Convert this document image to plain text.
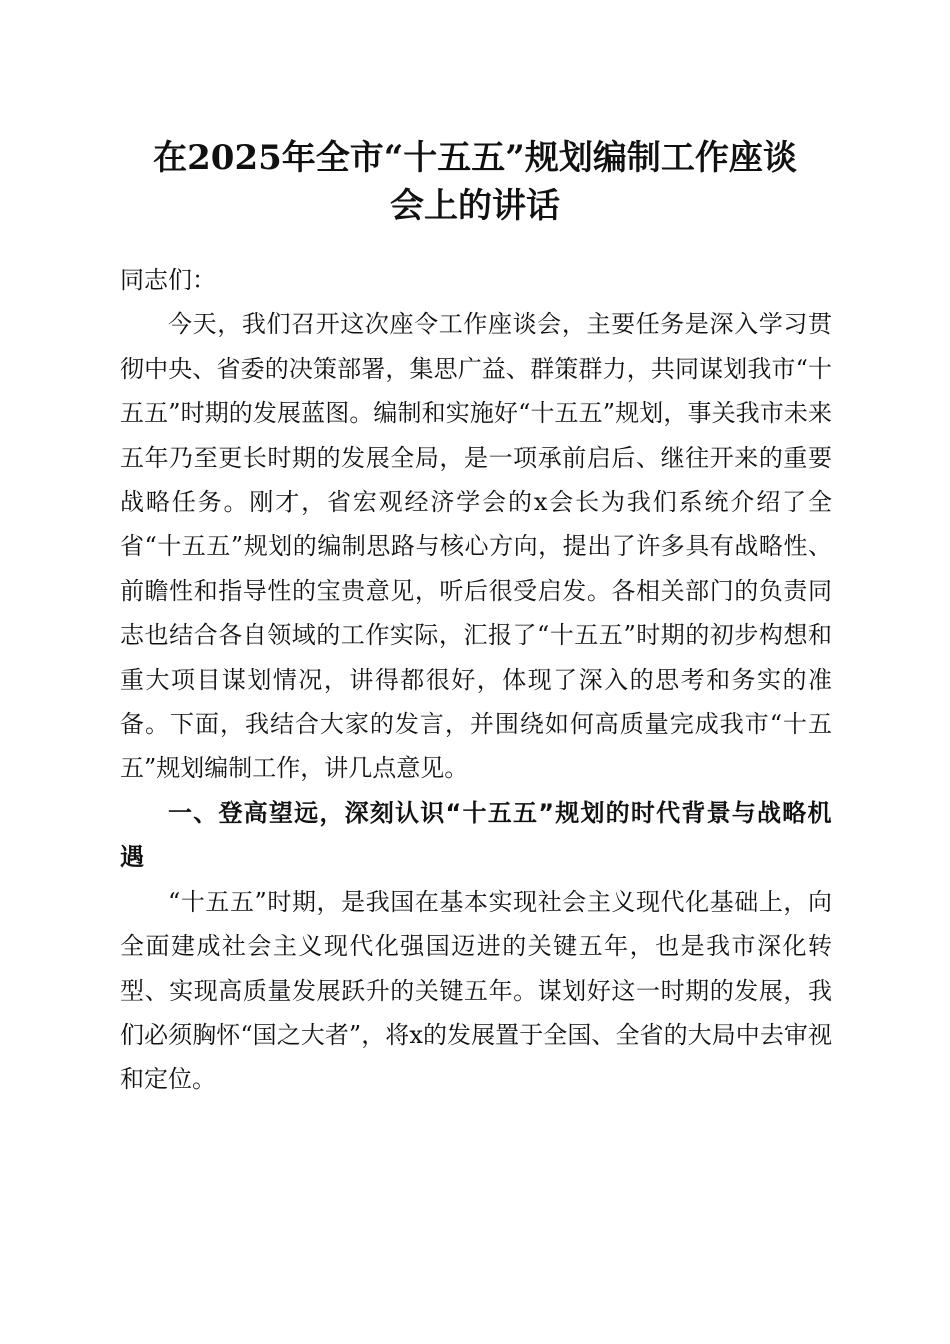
在2025年全市“十五五”规划编制工作座谈
会上的讲话

同志们：

今天，我们召开这次座令工作座谈会，主要任务是深入学习贯彻中央、省委的决策部署，集思广益、群策群力，共同谋划我市“十五五”时期的发展蓝图。编制和实施好“十五五”规划，事关我市未来五年乃至更长时期的发展全局，是一项承前启后、继往开来的重要战略任务。刚才，省宏观经济学会的x会长为我们系统介绍了全省“十五五”规划的编制思路与核心方向，提出了许多具有战略性、前瞻性和指导性的宝贵意见，听后很受启发。各相关部门的负责同志也结合各自领域的工作实际，汇报了“十五五”时期的初步构想和重大项目谋划情况，讲得都很好，体现了深入的思考和务实的准备。下面，我结合大家的发言，并围绕如何高质量完成我市“十五五”规划编制工作，讲几点意见。

一、登高望远，深刻认识“十五五”规划的时代背景与战略机遇

“十五五”时期，是我国在基本实现社会主义现代化基础上，向全面建成社会主义现代化强国迈进的关键五年，也是我市深化转型、实现高质量发展跃升的关键五年。谋划好这一时期的发展，我们必须胸怀“国之大者”，将x的发展置于全国、全省的大局中去审视和定位。
